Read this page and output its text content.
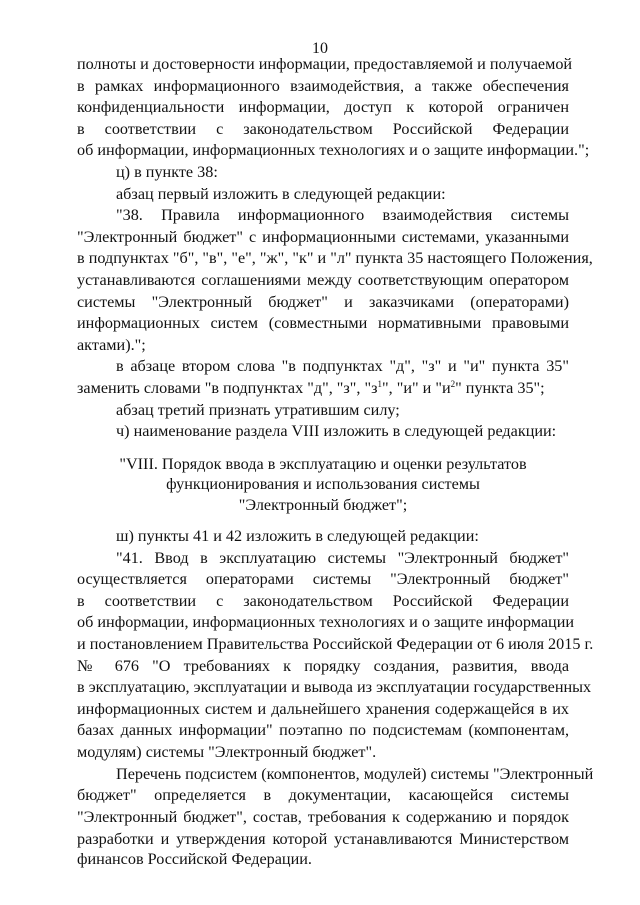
10
полноты и достоверности информации, предоставляемой и получаемой
в рамках информационного взаимодействия, а также обеспечения
конфиденциальности информации, доступ к которой ограничен
в соответствии с законодательством Российской Федерации
об информации, информационных технологиях и о защите информации.";
ц) в пункте 38:
абзац первый изложить в следующей редакции:
"38. Правила информационного взаимодействия системы
"Электронный бюджет" с информационными системами, указанными
в подпунктах "б", "в", "е", "ж", "к" и "л" пункта 35 настоящего Положения,
устанавливаются соглашениями между соответствующим оператором
системы "Электронный бюджет" и заказчиками (операторами)
информационных систем (совместными нормативными правовыми
актами).";
в абзаце втором слова "в подпунктах "д", "з" и "и" пункта 35"
заменить словами "в подпунктах "д", "з", "$з^1$", "и" и "$и^2$" пункта 35";
абзац третий признать утратившим силу;
ч) наименование раздела VIII изложить в следующей редакции:
"VIII. Порядок ввода в эксплуатацию и оценки результатов
функционирования и использования системы
"Электронный бюджет";
ш) пункты 41 и 42 изложить в следующей редакции:
"41. Ввод в эксплуатацию системы "Электронный бюджет"
осуществляется операторами системы "Электронный бюджет"
в соответствии с законодательством Российской Федерации
об информации, информационных технологиях и о защите информации
и постановлением Правительства Российской Федерации от 6 июля 2015 г.
№ 676 "О требованиях к порядку создания, развития, ввода
в эксплуатацию, эксплуатации и вывода из эксплуатации государственных
информационных систем и дальнейшего хранения содержащейся в их
базах данных информации" поэтапно по подсистемам (компонентам,
модулям) системы "Электронный бюджет".
Перечень подсистем (компонентов, модулей) системы "Электронный
бюджет" определяется в документации, касающейся системы
"Электронный бюджет", состав, требования к содержанию и порядок
разработки и утверждения которой устанавливаются Министерством
финансов Российской Федерации.
